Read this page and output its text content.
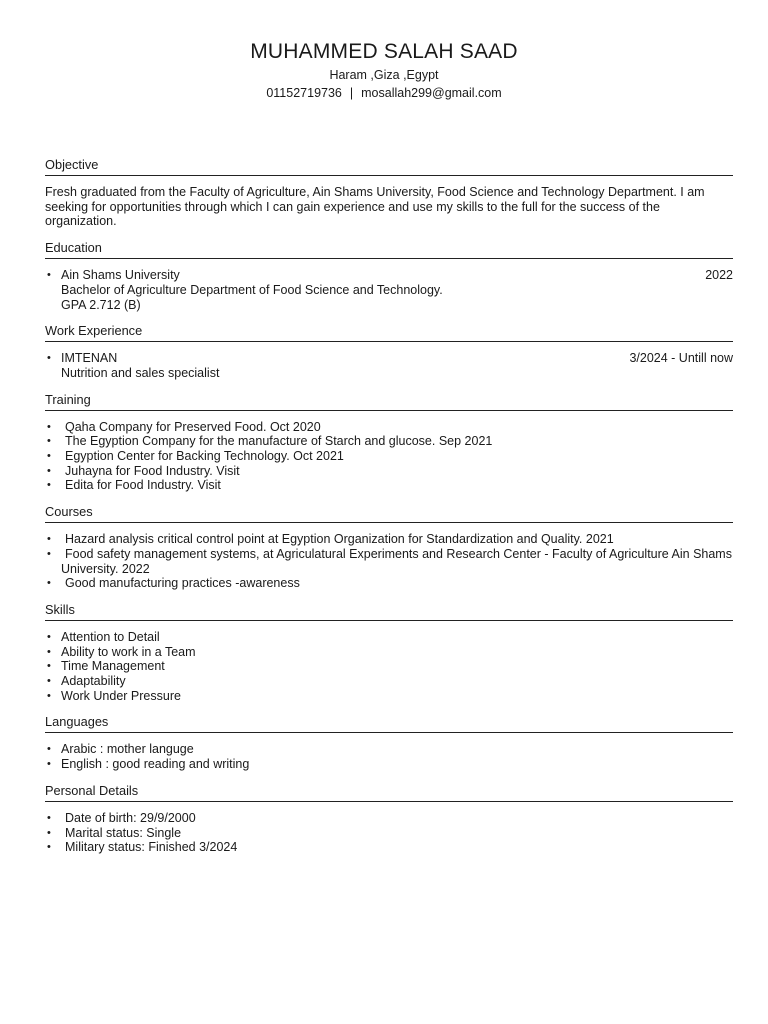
MUHAMMED SALAH SAAD
Haram ,Giza ,Egypt
01152719736 | mosallah299@gmail.com
Objective

Fresh graduated from the Faculty of Agriculture, Ain Shams University, Food Science and Technology Department. I am seeking for opportunities through which I can gain experience and use my skills to the full for the success of the organization.

Education
• Ain Shams University	2022
Bachelor of Agriculture Department of Food Science and Technology.
GPA 2.712 (B)
Work Experience
• IMTENAN	3/2024 - Untill now
Nutrition and sales specialist
Training
• Qaha Company for Preserved Food. Oct 2020
• The Egyption Company for the manufacture of Starch and glucose. Sep 2021
• Egyption Center for Backing Technology. Oct 2021
• Juhayna for Food Industry. Visit
• Edita for Food Industry. Visit
Courses
• Hazard analysis critical control point at Egyption Organization for Standardization and Quality. 2021
• Food safety management systems, at Agriculatural Experiments and Research Center - Faculty of Agriculture Ain Shams University. 2022
• Good manufacturing practices -awareness
Skills
• Attention to Detail
• Ability to work in a Team
• Time Management
• Adaptability
• Work Under Pressure
Languages
• Arabic : mother languge
• English : good reading and writing
Personal Details
• Date of birth: 29/9/2000
• Marital status: Single
• Military status: Finished 3/2024
